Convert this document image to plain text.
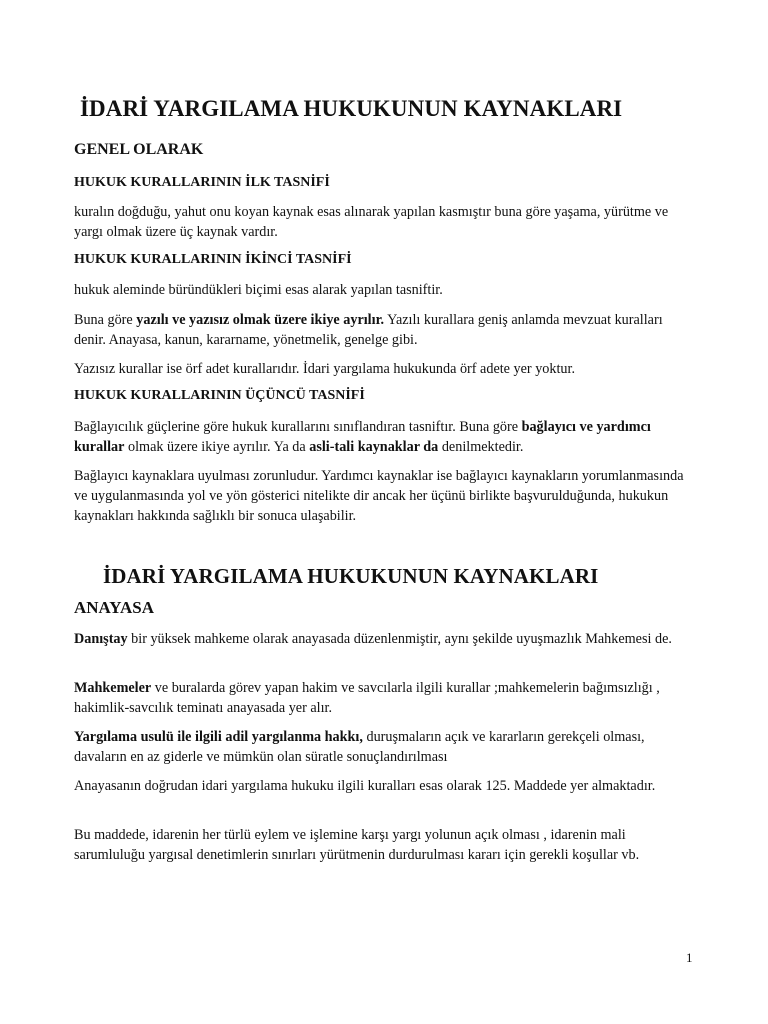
İDARİ YARGILAMA HUKUKUNUN KAYNAKLARI
GENEL OLARAK
HUKUK KURALLARININ İLK TASNİFİ

kuralın doğduğu, yahut onu koyan kaynak esas alınarak yapılan kasmıştır buna göre yaşama, yürütme ve yargı olmak üzere üç kaynak vardır.

HUKUK KURALLARININ İKİNCİ TASNİFİ

hukuk aleminde büründükleri biçimi esas alarak yapılan tasniftir.

Buna göre yazılı ve yazısız olmak üzere ikiye ayrılır. Yazılı kurallara geniş anlamda mevzuat kuralları denir. Anayasa, kanun, kararname, yönetmelik, genelge gibi.

Yazısız kurallar ise örf adet kurallarıdır. İdari yargılama hukukunda örf adete yer yoktur.

HUKUK KURALLARININ ÜÇÜNCÜ TASNİFİ

Bağlayıcılık güçlerine göre hukuk kurallarını sınıflandıran tasniftır. Buna göre bağlayıcı ve yardımcı kurallar olmak üzere ikiye ayrılır. Ya da asli-tali kaynaklar da denilmektedir.

Bağlayıcı kaynaklara uyulması zorunludur. Yardımcı kaynaklar ise bağlayıcı kaynakların yorumlanmasında ve uygulanmasında yol ve yön gösterici nitelikte dir ancak her üçünü birlikte başvurulduğunda, hukukun kaynakları hakkında sağlıklı bir sonuca ulaşabilir.

İDARİ YARGILAMA HUKUKUNUN KAYNAKLARI
ANAYASA

Danıştay bir yüksek mahkeme olarak anayasada düzenlenmiştir, aynı şekilde uyuşmazlık Mahkemesi de.

Mahkemeler ve buralarda görev yapan hakim ve savcılarla ilgili kurallar ;mahkemelerin bağımsızlığı , hakimlik-savcılık teminatı anayasada yer alır.

Yargılama usulü ile ilgili adil yargılanma hakkı, duruşmaların açık ve kararların gerekçeli olması, davaların en az giderle ve mümkün olan süratle sonuçlandırılması

Anayasanın doğrudan idari yargılama hukuku ilgili kuralları esas olarak 125. Maddede yer almaktadır.

Bu maddede, idarenin her türlü eylem ve işlemine karşı yargı yolunun açık olması , idarenin mali sarumluluğu yargısal denetimlerin sınırları yürütmenin durdurulması kararı için gerekli koşullar vb.

1
